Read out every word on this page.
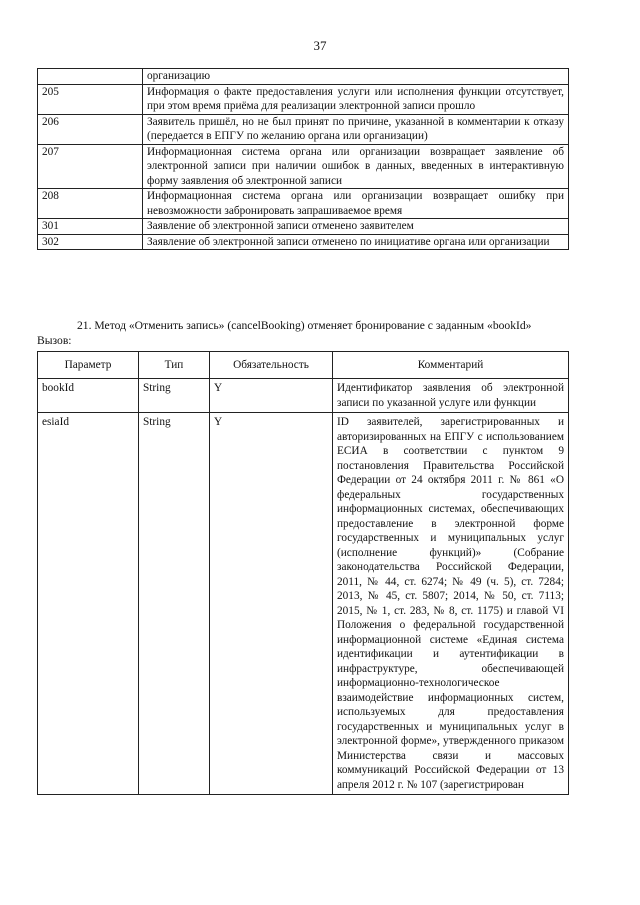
37
	организацию
205	Информация о факте предоставления услуги или исполнения функции отсутствует, при этом время приёма для реализации электронной записи прошло
206	Заявитель пришёл, но не был принят по причине, указанной в комментарии к отказу (передается в ЕПГУ по желанию органа или организации)
207	Информационная система органа или организации возвращает заявление об электронной записи при наличии ошибок в данных, введенных в интерактивную форму заявления об электронной записи
208	Информационная система органа или организации возвращает ошибку при невозможности забронировать запрашиваемое время
301	Заявление об электронной записи отменено заявителем
302	Заявление об электронной записи отменено по инициативе органа или организации
21. Метод «Отменить запись» (cancelBooking) отменяет бронирование с заданным «bookId»
Вызов:
Параметр	Тип	Обязательность	Комментарий
bookId	String	Y	Идентификатор заявления об электронной записи по указанной услуге или функции
esiaId	String	Y	ID заявителей, зарегистрированных и авторизированных на ЕПГУ с использованием ЕСИА в соответствии с пунктом 9 постановления Правительства Российской Федерации от 24 октября 2011 г. № 861 «О федеральных государственных информационных системах, обеспечивающих предоставление в электронной форме государственных и муниципальных услуг (исполнение функций)» (Собрание законодательства Российской Федерации, 2011, № 44, ст. 6274; № 49 (ч. 5), ст. 7284; 2013, № 45, ст. 5807; 2014, № 50, ст. 7113; 2015, № 1, ст. 283, № 8, ст. 1175) и главой VI Положения о федеральной государственной информационной системе «Единая система идентификации и аутентификации в инфраструктуре, обеспечивающей информационно-технологическое взаимодействие информационных систем, используемых для предоставления государственных и муниципальных услуг в электронной форме», утвержденного приказом Министерства связи и массовых коммуникаций Российской Федерации от 13 апреля 2012 г. № 107 (зарегистрирован
